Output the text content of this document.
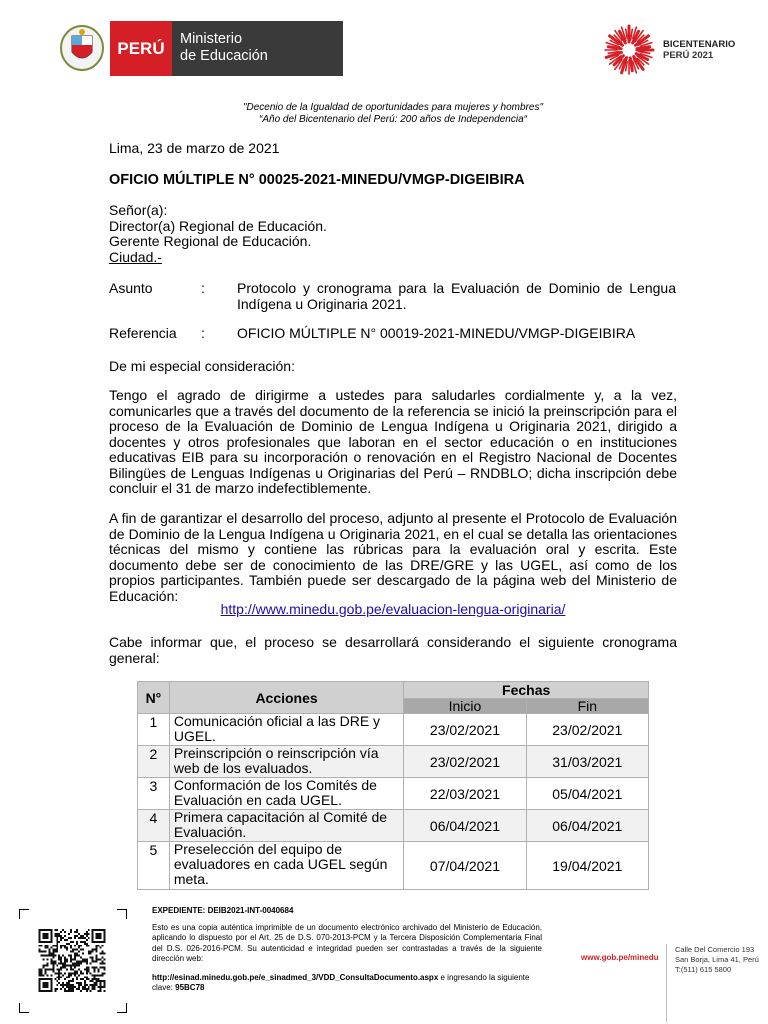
PERÚ Ministerio
de Educación
BICENTENARIO
PERÚ 2021
"Decenio de la Igualdad de oportunidades para mujeres y hombres"
“Año del Bicentenario del Perú: 200 años de Independencia“
Lima, 23 de marzo de 2021
OFICIO MÚLTIPLE N° 00025-2021-MINEDU/VMGP-DIGEIBIRA
Señor(a):
Director(a) Regional de Educación.
Gerente Regional de Educación.
Ciudad.-
Asunto	: Protocolo y cronograma para la Evaluación de Dominio de Lengua Indígena u Originaria 2021.
Referencia : OFICIO MÚLTIPLE N° 00019-2021-MINEDU/VMGP-DIGEIBIRA
De mi especial consideración:
Tengo el agrado de dirigirme a ustedes para saludarles cordialmente y, a la vez, comunicarles que a través del documento de la referencia se inició la preinscripción para el proceso de la Evaluación de Dominio de Lengua Indígena u Originaria 2021, dirigido a docentes y otros profesionales que laboran en el sector educación o en instituciones educativas EIB para su incorporación o renovación en el Registro Nacional de Docentes Bilingües de Lenguas Indígenas u Originarias del Perú – RNDBLO; dicha inscripción debe concluir el 31 de marzo indefectiblemente.
A fin de garantizar el desarrollo del proceso, adjunto al presente el Protocolo de Evaluación de Dominio de la Lengua Indígena u Originaria 2021, en el cual se detalla las orientaciones técnicas del mismo y contiene las rúbricas para la evaluación oral y escrita. Este documento debe ser de conocimiento de las DRE/GRE y las UGEL, así como de los propios participantes. También puede ser descargado de la página web del Ministerio de Educación:
http://www.minedu.gob.pe/evaluacion-lengua-originaria/
Cabe informar que, el proceso se desarrollará considerando el siguiente cronograma general:
N°	Acciones	Fechas	
		Inicio	Fin
1	Comunicación oficial a las DRE y UGEL.	23/02/2021	23/02/2021
2	Preinscripción o reinscripción vía web de los evaluados.	23/02/2021	31/03/2021
3	Conformación de los Comités de Evaluación en cada UGEL.	22/03/2021	05/04/2021
4	Primera capacitación al Comité de Evaluación.	06/04/2021	06/04/2021
5	Preselección del equipo de evaluadores en cada UGEL según meta.	07/04/2021	19/04/2021
EXPEDIENTE: DEIB2021-INT-0040684
Esto es una copia auténtica imprimible de un documento electrónico archivado del Ministerio de Educación, aplicando lo dispuesto por el Art. 25 de D.S. 070-2013-PCM y la Tercera Disposición Complementaria Final del D.S. 026-2016-PCM. Su autenticidad e integridad pueden ser contrastadas a través de la siguiente dirección web:
http://esinad.minedu.gob.pe/e_sinadmed_3/VDD_ConsultaDocumento.aspx e ingresando la siguiente clave: 95BC78
www.gob.pe/minedu
Calle Del Comercio 193
San Borja, Lima 41, Perú
T:(511) 615 5800
